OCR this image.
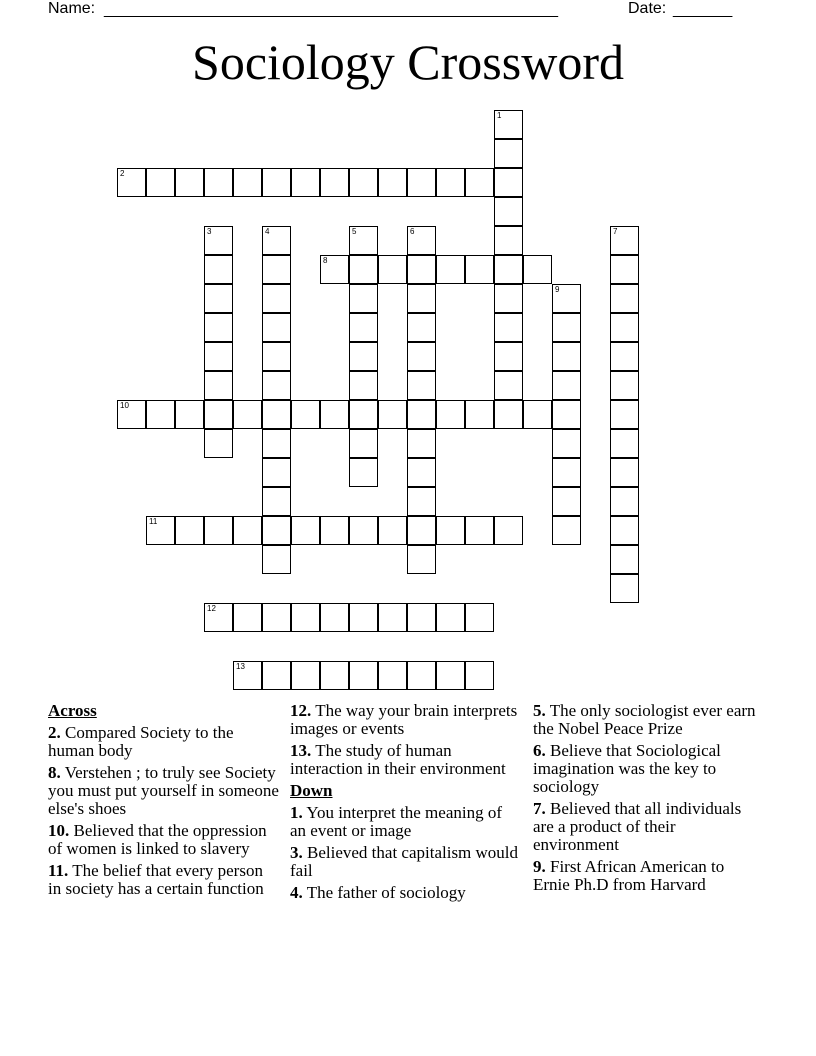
Name: ______________________________________________________	Date: _______
Sociology Crossword
1
2
3	4	5	6	7
8
9
10
11
12
13
Across
2. Compared Society to the human body
8. Verstehen ; to truly see Society you must put yourself in someone else's shoes
10. Believed that the oppression of women is linked to slavery
11. The belief that every person in society has a certain function
12. The way your brain interprets images or events
13. The study of human interaction in their environment
Down
1. You interpret the meaning of an event or image
3. Believed that capitalism would fail
4. The father of sociology
5. The only sociologist ever earn the Nobel Peace Prize
6. Believe that Sociological imagination was the key to sociology
7. Believed that all individuals are a product of their environment
9. First African American to Ernie Ph.D from Harvard
